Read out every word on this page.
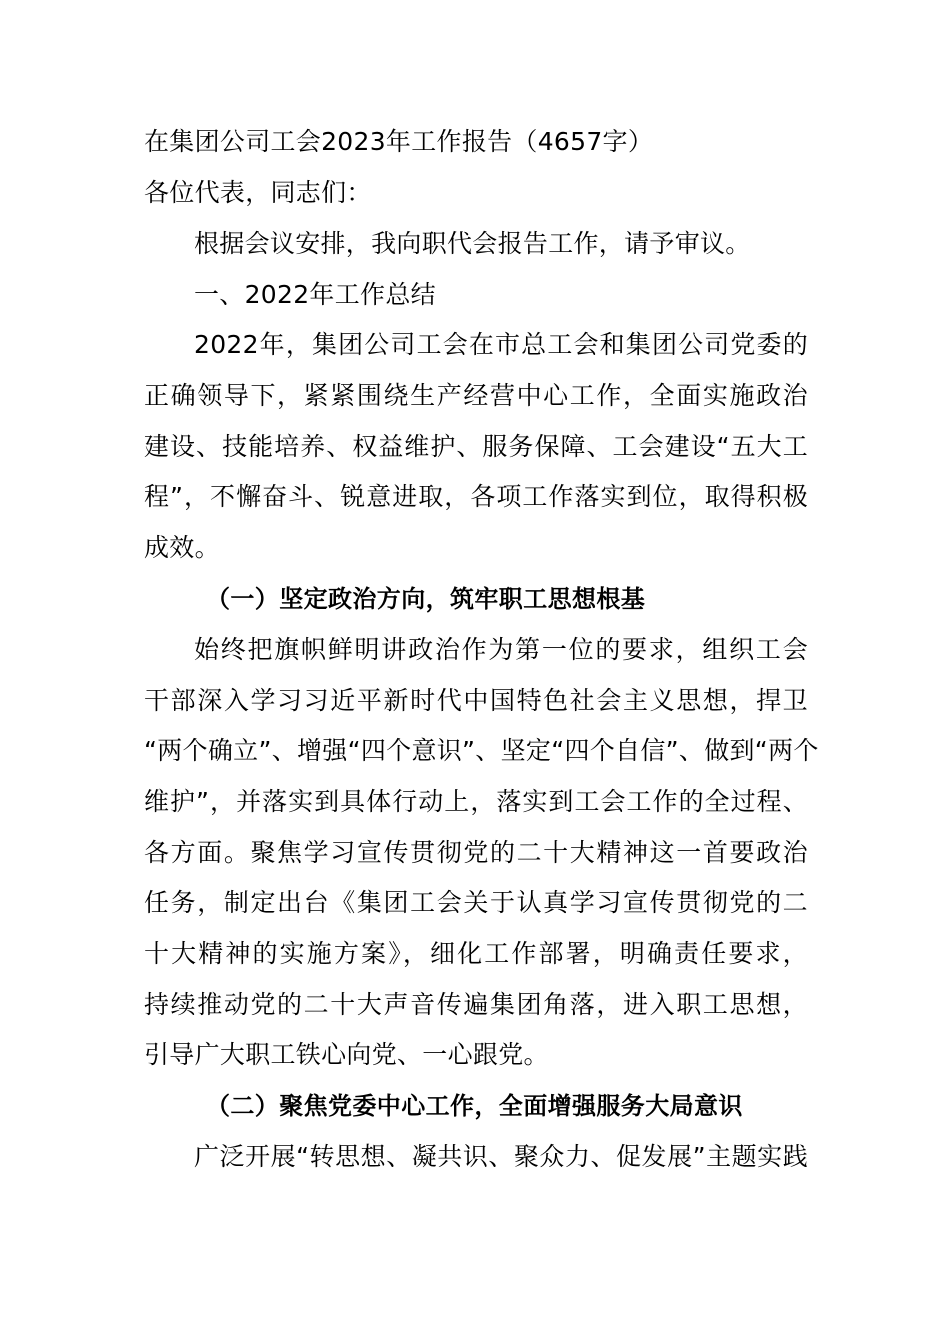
在集团公司工会2023年工作报告（4657字）
各位代表，同志们：
根据会议安排，我向职代会报告工作，请予审议。
一、2022年工作总结
2022年，集团公司工会在市总工会和集团公司党委的
正确领导下，紧紧围绕生产经营中心工作，全面实施政治
建设、技能培养、权益维护、服务保障、工会建设“五大工
程”，不懈奋斗、锐意进取，各项工作落实到位，取得积极
成效。
（一）坚定政治方向，筑牢职工思想根基
始终把旗帜鲜明讲政治作为第一位的要求，组织工会
干部深入学习习近平新时代中国特色社会主义思想，捍卫
“两个确立”、增强“四个意识”、坚定“四个自信”、做到“两个
维护”，并落实到具体行动上，落实到工会工作的全过程、
各方面。聚焦学习宣传贯彻党的二十大精神这一首要政治
任务，制定出台《集团工会关于认真学习宣传贯彻党的二
十大精神的实施方案》，细化工作部署，明确责任要求，
持续推动党的二十大声音传遍集团角落，进入职工思想，
引导广大职工铁心向党、一心跟党。
（二）聚焦党委中心工作，全面增强服务大局意识
广泛开展“转思想、凝共识、聚众力、促发展”主题实践
